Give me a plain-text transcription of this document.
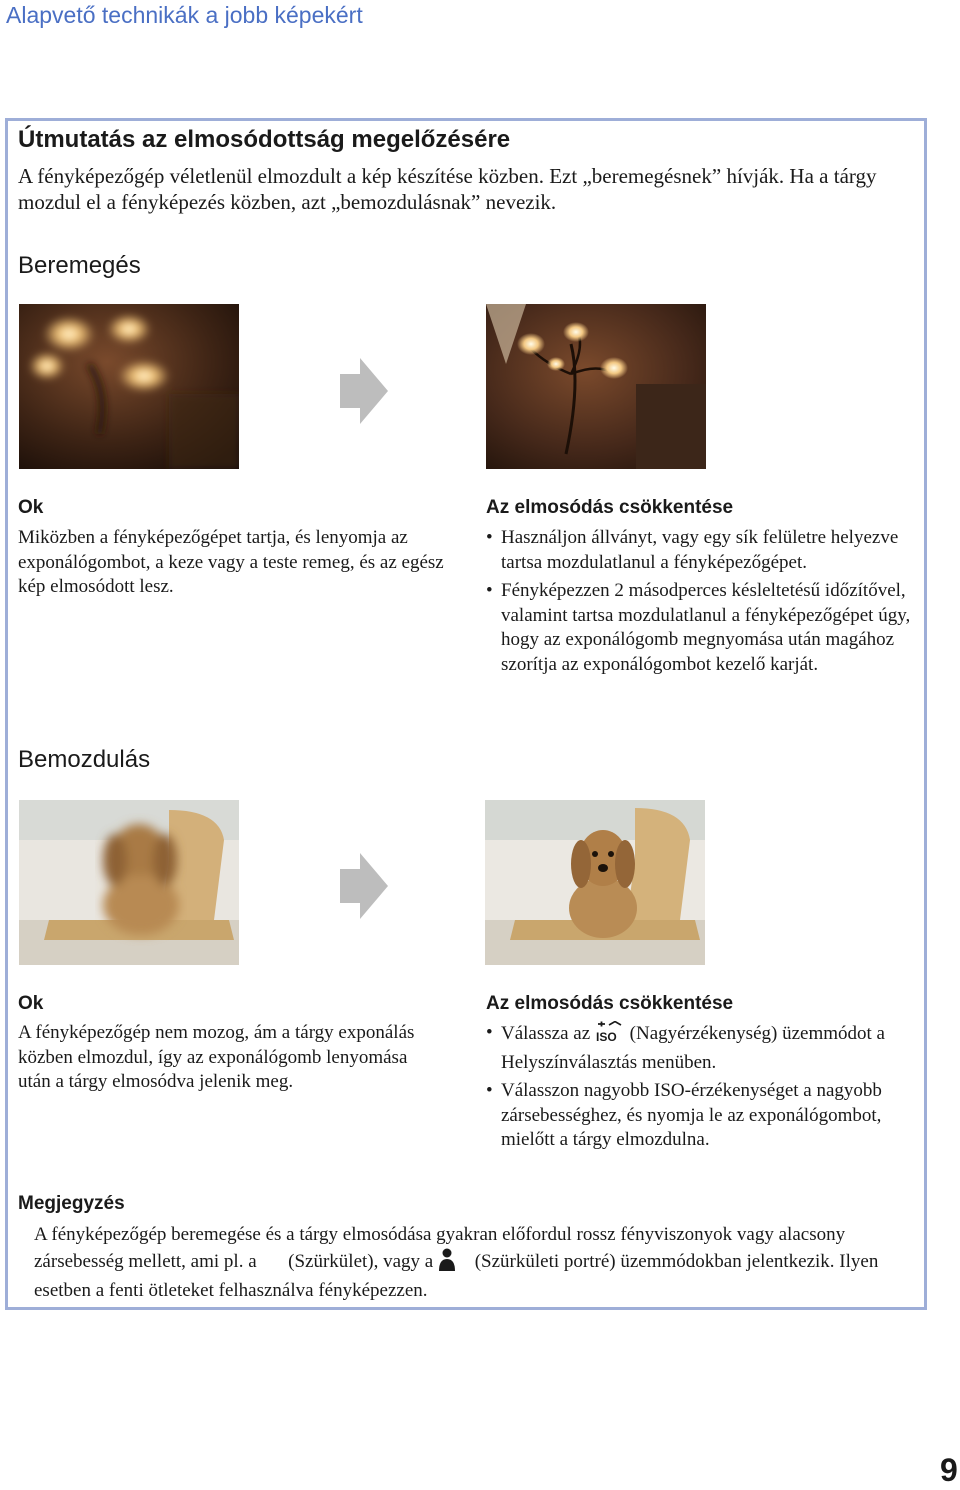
Alapvető technikák a jobb képekért
Útmutatás az elmosódottság megelőzésére
A fényképezőgép véletlenül elmozdult a kép készítése közben. Ezt „beremegésnek” hívják. Ha a tárgy mozdul el a fényképezés közben, azt „bemozdulásnak” nevezik.
Beremegés
Ok
Miközben a fényképezőgépet tartja, és lenyomja az exponálógombot, a keze vagy a teste remeg, és az egész kép elmosódott lesz.
Az elmosódás csökkentése
• Használjon állványt, vagy egy sík felületre helyezve tartsa mozdulatlanul a fényképezőgépet.
• Fényképezzen 2 másodperces késleltetésű időzítővel, valamint tartsa mozdulatlanul a fényképezőgépet úgy, hogy az exponálógomb megnyomása után magához szorítja az exponálógombot kezelő karját.
Bemozdulás
Ok
A fényképezőgép nem mozog, ám a tárgy exponálás közben elmozdul, így az exponálógomb lenyomása után a tárgy elmosódva jelenik meg.
Az elmosódás csökkentése
• Válassza az ISO (Nagyérzékenység) üzemmódot a Helyszínválasztás menüben.
• Válasszon nagyobb ISO-érzékenységet a nagyobb zársebességhez, és nyomja le az exponálógombot, mielőtt a tárgy elmozdulna.
Megjegyzés
A fényképezőgép beremegése és a tárgy elmosódása gyakran előfordul rossz fényviszonyok vagy alacsony zársebesség mellett, ami pl. a (Szürkület), vagy a (Szürkületi portré) üzemmódokban jelentkezik. Ilyen esetben a fenti ötleteket felhasználva fényképezzen.
9
